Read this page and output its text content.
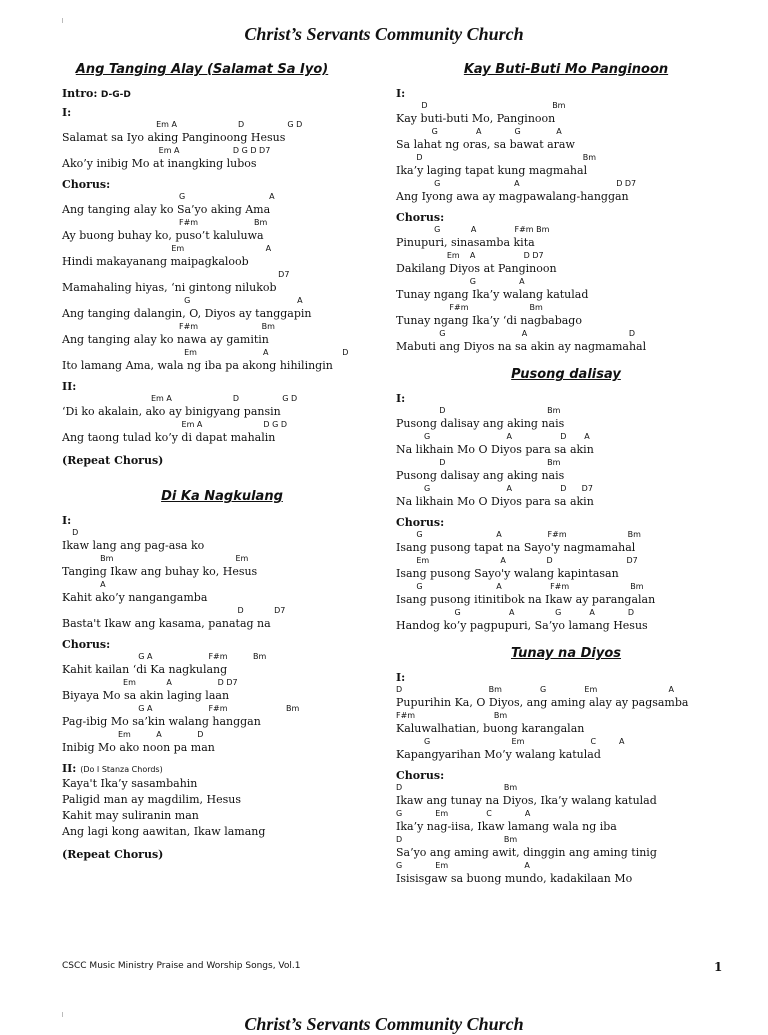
Christ’s Servants Community Church
Ang Tanging Alay (Salamat Sa Iyo)
Intro: D-G-D
I:
Em A                        D                 G D
Salamat sa Iyo aking Panginoong Hesus
Em A                     D G D D7
Ako’y inibig Mo at inangking lubos
Chorus:
G                                 A
Ang tanging alay ko Sa’yo aking Ama
F#m                      Bm
Ay buong buhay ko, puso’t kaluluwa
Em                                A
Hindi makayanang maipagkaloob
D7
Mamahaling hiyas, ‘ni gintong nilukob
G                                          A
Ang tanging dalangin, O, Diyos ay tanggapin
F#m                         Bm
Ang tanging alay ko nawa ay gamitin
Em                          A                             D
Ito lamang Ama, wala ng iba pa akong hihilingin
II:
Em A                        D                 G D
‘Di ko akalain, ako ay binigyang pansin
Em A                        D G D
Ang taong tulad ko’y di dapat mahalin
(Repeat Chorus)
Di Ka Nagkulang
I:
D
Ikaw lang ang pag-asa ko
Bm                                                Em
Tanging Ikaw ang buhay ko, Hesus
A
Kahit ako’y nangangamba
D            D7
Basta't Ikaw ang kasama, panatag na
Chorus:
G A                      F#m          Bm
Kahit kailan ‘di Ka nagkulang
Em            A                  D D7
Biyaya Mo sa akin laging laan
G A                      F#m                       Bm
Pag-ibig Mo sa’kin walang hanggan
Em          A              D
Inibig Mo ako noon pa man
II: (Do I Stanza Chords)
Kaya't Ika’y sasambahin
Paligid man ay magdilim, Hesus
Kahit may suliranin man
Ang lagi kong aawitan, Ikaw lamang
(Repeat Chorus)
Kay Buti-Buti Mo Panginoon
I:
D                                                 Bm
Kay buti-buti Mo, Panginoon
G               A             G              A
Sa lahat ng oras, sa bawat araw
D                                                               Bm
Ika’y laging tapat kung magmahal
G                             A                                      D D7
Ang Iyong awa ay magpawalang-hanggan
Chorus:
G            A               F#m Bm
Pinupuri, sinasamba kita
Em    A                   D D7
Dakilang Diyos at Panginoon
G                 A
Tunay ngang Ika’y walang katulad
F#m                        Bm
Tunay ngang Ika’y ‘di nagbabago
G                              A                                        D
Mabuti ang Diyos na sa akin ay nagmamahal
Pusong dalisay
I:
D                                        Bm
Pusong dalisay ang aking nais
G                              A                   D       A
Na likhain Mo O Diyos para sa akin
D                                        Bm
Pusong dalisay ang aking nais
G                              A                   D      D7
Na likhain Mo O Diyos para sa akin
Chorus:
G                             A                  F#m                        Bm
Isang pusong tapat na Sayo'y nagmamahal
Em                            A                D                             D7
Isang pusong Sayo'y walang kapintasan
G                             A                   F#m                        Bm
Isang pusong itinitibok na Ikaw ay parangalan
G                   A                G           A             D
Handog ko’y pagpupuri, Sa’yo lamang Hesus
Tunay na Diyos
I:
D                                  Bm               G               Em                            A
Pupurihin Ka, O Diyos, ang aming alay ay pagsamba
F#m                               Bm
Kaluwalhatian, buong karangalan
G                                Em                          C         A
Kapangyarihan Mo’y walang katulad
Chorus:
D                                        Bm
Ikaw ang tunay na Diyos, Ika’y walang katulad
G             Em               C             A
Ika’y nag-iisa, Ikaw lamang wala ng iba
D                                        Bm
Sa’yo ang aming awit, dinggin ang aming tinig
G             Em                              A
Isisisgaw sa buong mundo, kadakilaan Mo
CSCC Music Ministry Praise and Worship Songs, Vol.1	1
Christ’s Servants Community Church
